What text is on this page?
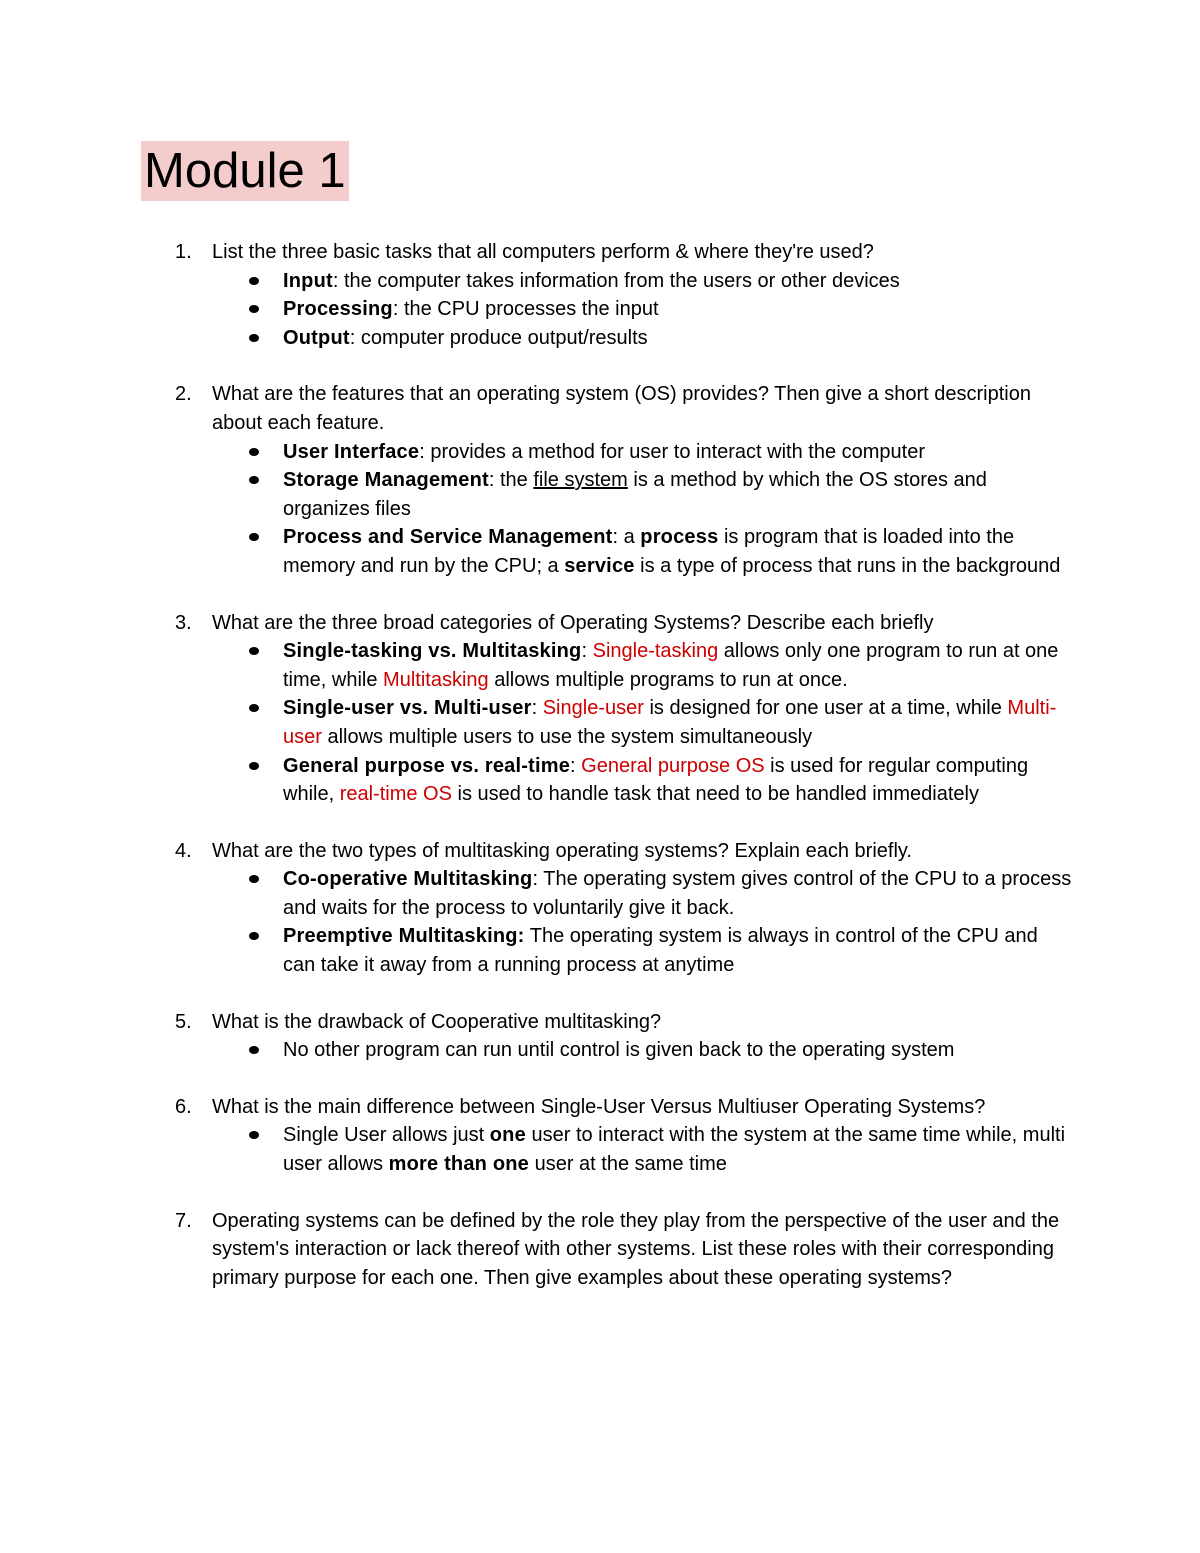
Module 1
1. List the three basic tasks that all computers perform & where they're used?

Input: the computer takes information from the users or other devices
Processing: the CPU processes the input
Output: computer produce output/results
2. What are the features that an operating system (OS) provides? Then give a short description about each feature.

User Interface: provides a method for user to interact with the computer
Storage Management: the file system is a method by which the OS stores and organizes files
Process and Service Management: a process is program that is loaded into the memory and run by the CPU; a service is a type of process that runs in the background
3. What are the three broad categories of Operating Systems? Describe each briefly

Single-tasking vs. Multitasking: Single-tasking allows only one program to run at one time, while Multitasking allows multiple programs to run at once.
Single-user vs. Multi-user: Single-user is designed for one user at a time, while Multi-user allows multiple users to use the system simultaneously
General purpose vs. real-time: General purpose OS is used for regular computing while, real-time OS is used to handle task that need to be handled immediately
4. What are the two types of multitasking operating systems? Explain each briefly.

Co-operative Multitasking: The operating system gives control of the CPU to a process and waits for the process to voluntarily give it back.
Preemptive Multitasking: The operating system is always in control of the CPU and can take it away from a running process at anytime
5. What is the drawback of Cooperative multitasking?

No other program can run until control is given back to the operating system
6. What is the main difference between Single-User Versus Multiuser Operating Systems?

Single User allows just one user to interact with the system at the same time while, multi user allows more than one user at the same time
7. Operating systems can be defined by the role they play from the perspective of the user and the system's interaction or lack thereof with other systems. List these roles with their corresponding primary purpose for each one. Then give examples about these operating systems?
